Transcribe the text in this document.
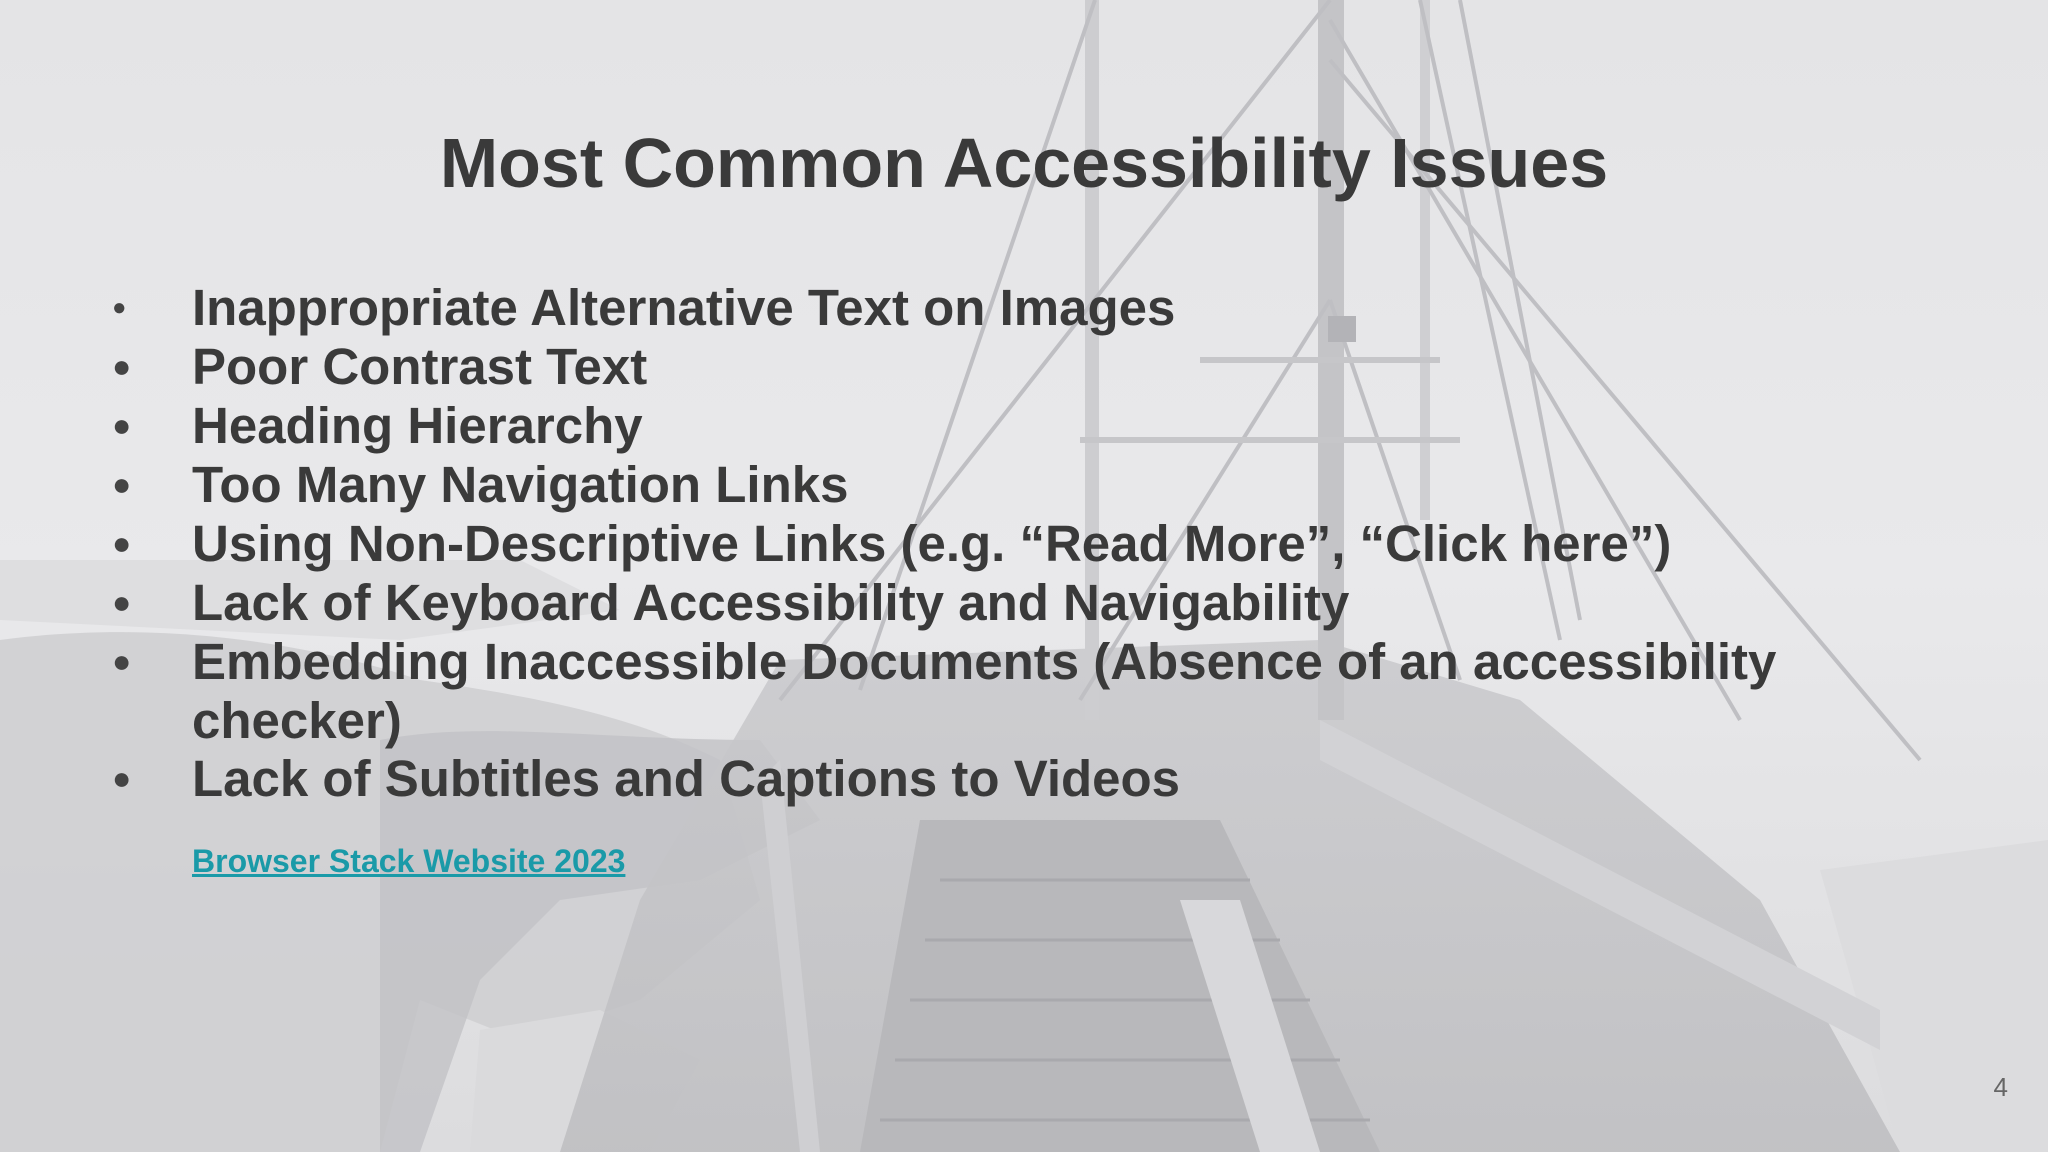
Most Common Accessibility Issues
● Inappropriate Alternative Text on Images
● Poor Contrast Text
● Heading Hierarchy
● Too Many Navigation Links
● Using Non-Descriptive Links (e.g. “Read More”, “Click here”)
● Lack of Keyboard Accessibility and Navigability
● Embedding Inaccessible Documents (Absence of an accessibility checker)
● Lack of Subtitles and Captions to Videos
Browser Stack Website 2023
4
